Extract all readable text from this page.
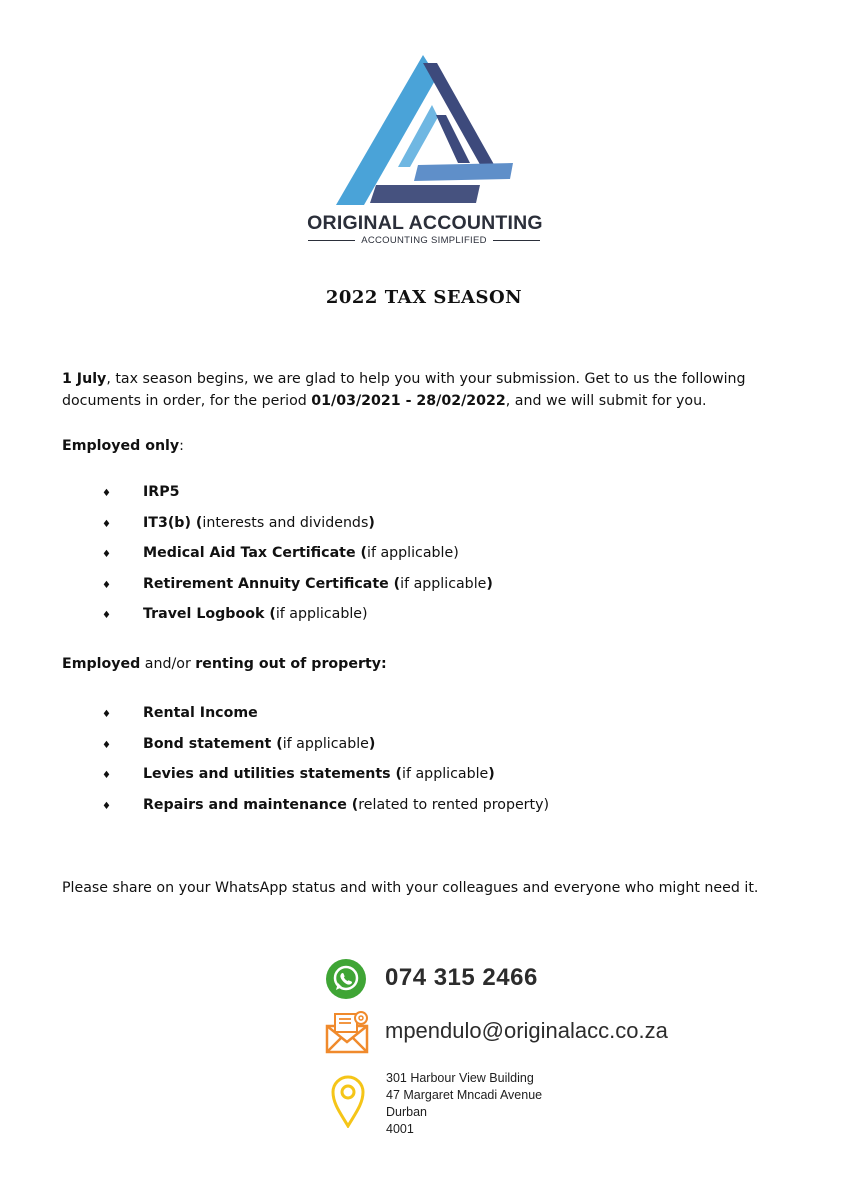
ORIGINAL ACCOUNTING
ACCOUNTING SIMPLIFIED
2022 TAX SEASON
1 July, tax season begins, we are glad to help you with your submission. Get to us the following documents in order, for the period 01/03/2021 - 28/02/2022, and we will submit for you.
Employed only:
♦ IRP5
♦ IT3(b) (interests and dividends)
♦ Medical Aid Tax Certificate (if applicable)
♦ Retirement Annuity Certificate (if applicable)
♦ Travel Logbook (if applicable)
Employed and/or renting out of property:
♦ Rental Income
♦ Bond statement (if applicable)
♦ Levies and utilities statements (if applicable)
♦ Repairs and maintenance (related to rented property)
Please share on your WhatsApp status and with your colleagues and everyone who might need it.
074 315 2466
mpendulo@originalacc.co.za
301 Harbour View Building
47 Margaret Mncadi Avenue
Durban
4001
